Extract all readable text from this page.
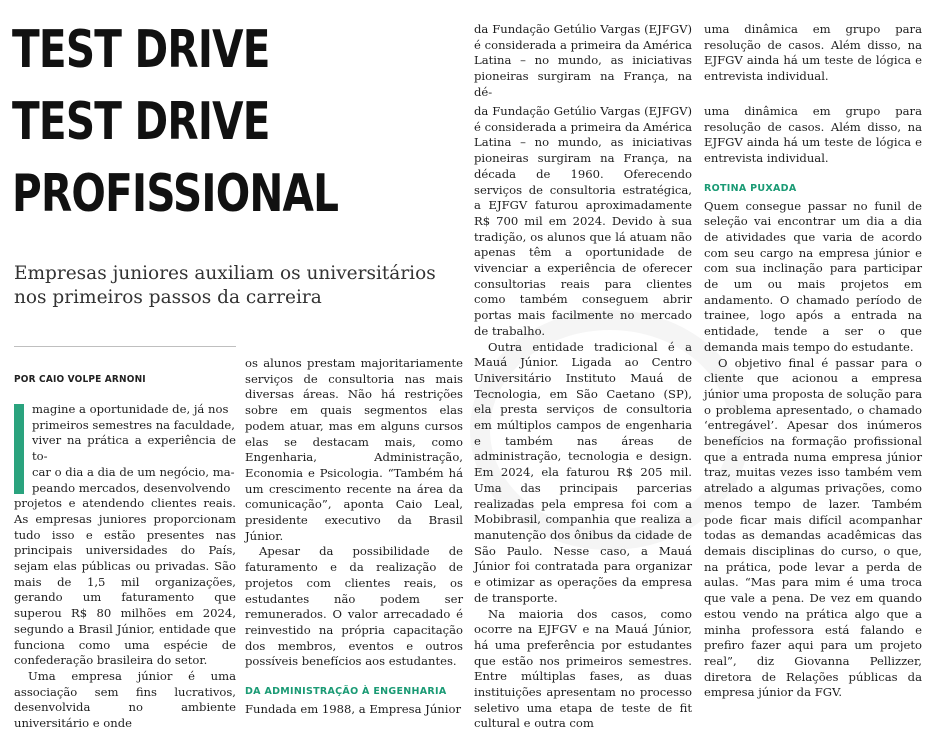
TEST DRIVE
TEST DRIVE
PROFISSIONAL
Empresas juniores auxiliam os universitários nos primeiros passos da carreira
POR CAIO VOLPE ARNONI
magine a oportunidade de, já nos
primeiros semestres na faculdade,
viver na prática a experiência de to-
car o dia a dia de um negócio, ma-
peando mercados, desenvolvendo

projetos e atendendo clientes reais. As empresas juniores proporcionam tudo isso e estão presentes nas principais universidades do País, sejam elas públicas ou privadas. São mais de 1,5 mil organizações, gerando um faturamento que superou R$ 80 milhões em 2024, segundo a Brasil Júnior, entidade que funciona como uma espécie de confederação brasileira do setor.

Uma empresa júnior é uma associação sem fins lucrativos, desenvolvida no ambiente universitário e onde

os alunos prestam majoritariamente serviços de consultoria nas mais diversas áreas. Não há restrições sobre em quais segmentos elas podem atuar, mas em alguns cursos elas se destacam mais, como Engenharia, Administração, Economia e Psicologia. “Também há um crescimento recente na área da comunicação”, aponta Caio Leal, presidente executivo da Brasil Júnior.

Apesar da possibilidade de faturamento e da realização de projetos com clientes reais, os estudantes não podem ser remunerados. O valor arrecadado é reinvestido na própria capacitação dos membros, eventos e outros possíveis benefícios aos estudantes.

DA ADMINISTRAÇÃO À ENGENHARIA

Fundada em 1988, a Empresa Júnior

da Fundação Getúlio Vargas (EJFGV) é considerada a primeira da América Latina – no mundo, as iniciativas pioneiras surgiram na França, na dé-

da Fundação Getúlio Vargas (EJFGV) é considerada a primeira da América Latina – no mundo, as iniciativas pioneiras surgiram na França, na década de 1960. Oferecendo serviços de consultoria estratégica, a EJFGV faturou aproximadamente R$ 700 mil em 2024. Devido à sua tradição, os alunos que lá atuam não apenas têm a oportunidade de vivenciar a experiência de oferecer consultorias reais para clientes como também conseguem abrir portas mais facilmente no mercado de trabalho.

Outra entidade tradicional é a Mauá Júnior. Ligada ao Centro Universitário Instituto Mauá de Tecnologia, em São Caetano (SP), ela presta serviços de consultoria em múltiplos campos de engenharia e também nas áreas de administração, tecnologia e design. Em 2024, ela faturou R$ 205 mil. Uma das principais parcerias realizadas pela empresa foi com a Mobibrasil, companhia que realiza a manutenção dos ônibus da cidade de São Paulo. Nesse caso, a Mauá Júnior foi contratada para organizar e otimizar as operações da empresa de transporte.

Na maioria dos casos, como ocorre na EJFGV e na Mauá Júnior, há uma preferência por estudantes que estão nos primeiros semestres. Entre múltiplas fases, as duas instituições apresentam no processo seletivo uma etapa de teste de fit cultural e outra com

uma dinâmica em grupo para resolução de casos. Além disso, na EJFGV ainda há um teste de lógica e entrevista individual.

uma dinâmica em grupo para resolução de casos. Além disso, na EJFGV ainda há um teste de lógica e entrevista individual.

ROTINA PUXADA

Quem consegue passar no funil de seleção vai encontrar um dia a dia de atividades que varia de acordo com seu cargo na empresa júnior e com sua inclinação para participar de um ou mais projetos em andamento. O chamado período de trainee, logo após a entrada na entidade, tende a ser o que demanda mais tempo do estudante.

O objetivo final é passar para o cliente que acionou a empresa júnior uma proposta de solução para o problema apresentado, o chamado ‘entregável’. Apesar dos inúmeros benefícios na formação profissional que a entrada numa empresa júnior traz, muitas vezes isso também vem atrelado a algumas privações, como menos tempo de lazer. Também pode ficar mais difícil acompanhar todas as demandas acadêmicas das demais disciplinas do curso, o que, na prática, pode levar a perda de aulas. “Mas para mim é uma troca que vale a pena. De vez em quando estou vendo na prática algo que a minha professora está falando e prefiro fazer aqui para um projeto real”, diz Giovanna Pellizzer, diretora de Relações públicas da empresa júnior da FGV.
